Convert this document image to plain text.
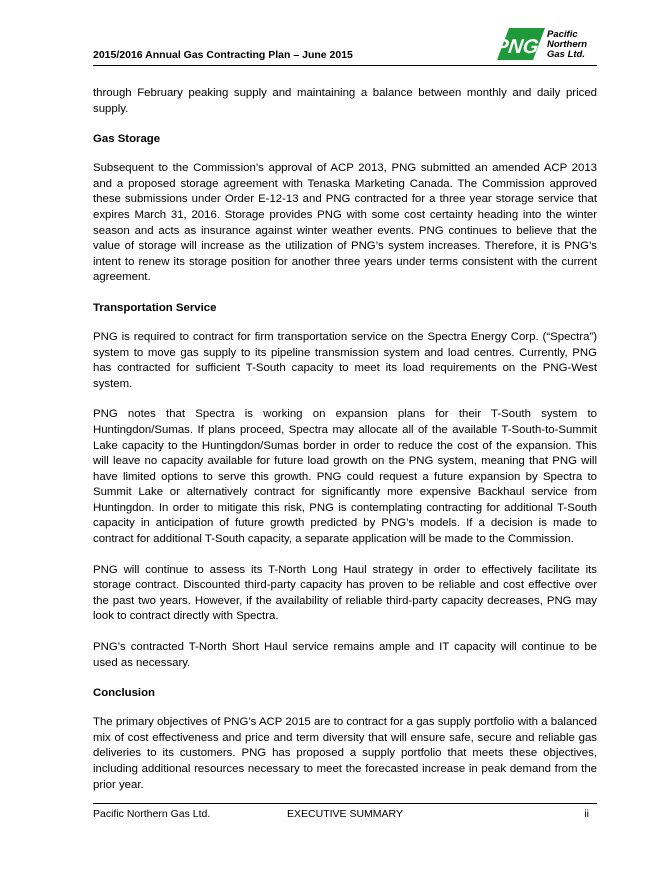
2015/2016 Annual Gas Contracting Plan – June 2015	PNG
Pacific
Northern
Gas Ltd.

through February peaking supply and maintaining a balance between monthly and daily priced supply.

Gas Storage

Subsequent to the Commission’s approval of ACP 2013, PNG submitted an amended ACP 2013 and a proposed storage agreement with Tenaska Marketing Canada. The Commission approved these submissions under Order E-12-13 and PNG contracted for a three year storage service that expires March 31, 2016. Storage provides PNG with some cost certainty heading into the winter season and acts as insurance against winter weather events. PNG continues to believe that the value of storage will increase as the utilization of PNG’s system increases. Therefore, it is PNG’s intent to renew its storage position for another three years under terms consistent with the current agreement.

Transportation Service

PNG is required to contract for firm transportation service on the Spectra Energy Corp. (“Spectra”) system to move gas supply to its pipeline transmission system and load centres. Currently, PNG has contracted for sufficient T-South capacity to meet its load requirements on the PNG-West system.

PNG notes that Spectra is working on expansion plans for their T-South system to Huntingdon/Sumas. If plans proceed, Spectra may allocate all of the available T-South-to-Summit Lake capacity to the Huntingdon/Sumas border in order to reduce the cost of the expansion. This will leave no capacity available for future load growth on the PNG system, meaning that PNG will have limited options to serve this growth. PNG could request a future expansion by Spectra to Summit Lake or alternatively contract for significantly more expensive Backhaul service from Huntingdon. In order to mitigate this risk, PNG is contemplating contracting for additional T-South capacity in anticipation of future growth predicted by PNG’s models. If a decision is made to contract for additional T-South capacity, a separate application will be made to the Commission.

PNG will continue to assess its T-North Long Haul strategy in order to effectively facilitate its storage contract. Discounted third-party capacity has proven to be reliable and cost effective over the past two years. However, if the availability of reliable third-party capacity decreases, PNG may look to contract directly with Spectra.

PNG’s contracted T-North Short Haul service remains ample and IT capacity will continue to be used as necessary.

Conclusion

The primary objectives of PNG’s ACP 2015 are to contract for a gas supply portfolio with a balanced mix of cost effectiveness and price and term diversity that will ensure safe, secure and reliable gas deliveries to its customers. PNG has proposed a supply portfolio that meets these objectives, including additional resources necessary to meet the forecasted increase in peak demand from the prior year.

Pacific Northern Gas Ltd.	EXECUTIVE SUMMARY	ii
